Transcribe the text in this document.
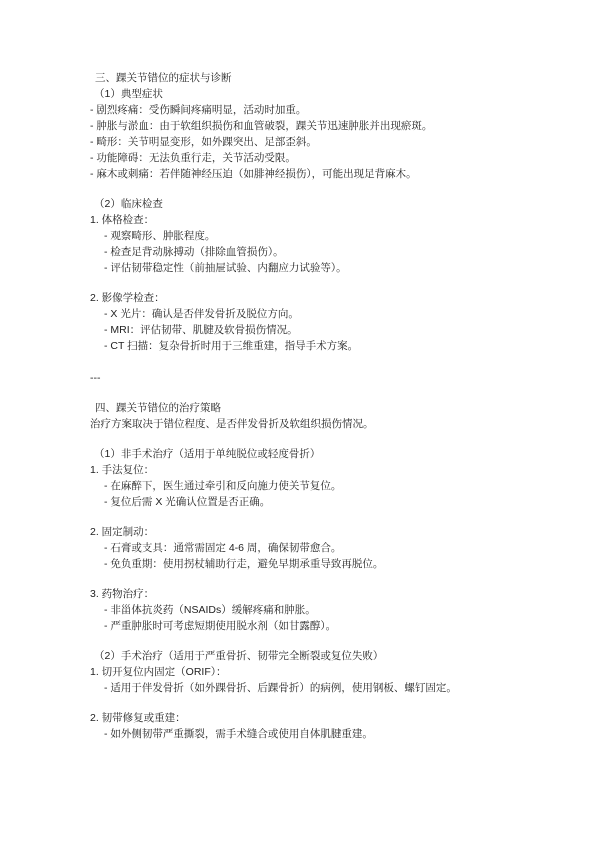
三、踝关节错位的症状与诊断
（1）典型症状
- 剧烈疼痛：受伤瞬间疼痛明显，活动时加重。
- 肿胀与淤血：由于软组织损伤和血管破裂，踝关节迅速肿胀并出现瘀斑。
- 畸形：关节明显变形，如外踝突出、足部歪斜。
- 功能障碍：无法负重行走，关节活动受限。
- 麻木或刺痛：若伴随神经压迫（如腓神经损伤），可能出现足背麻木。
（2）临床检查
1. 体格检查：
- 观察畸形、肿胀程度。
- 检查足背动脉搏动（排除血管损伤）。
- 评估韧带稳定性（前抽屉试验、内翻应力试验等）。
2. 影像学检查：
- X 光片：确认是否伴发骨折及脱位方向。
- MRI：评估韧带、肌腱及软骨损伤情况。
- CT 扫描：复杂骨折时用于三维重建，指导手术方案。
---
四、踝关节错位的治疗策略
治疗方案取决于错位程度、是否伴发骨折及软组织损伤情况。
（1）非手术治疗（适用于单纯脱位或轻度骨折）
1. 手法复位：
- 在麻醉下，医生通过牵引和反向施力使关节复位。
- 复位后需 X 光确认位置是否正确。
2. 固定制动：
- 石膏或支具：通常需固定 4-6 周，确保韧带愈合。
- 免负重期：使用拐杖辅助行走，避免早期承重导致再脱位。
3. 药物治疗：
- 非甾体抗炎药（NSAIDs）缓解疼痛和肿胀。
- 严重肿胀时可考虑短期使用脱水剂（如甘露醇）。
（2）手术治疗（适用于严重骨折、韧带完全断裂或复位失败）
1. 切开复位内固定（ORIF）：
- 适用于伴发骨折（如外踝骨折、后踝骨折）的病例，使用钢板、螺钉固定。
2. 韧带修复或重建：
- 如外侧韧带严重撕裂，需手术缝合或使用自体肌腱重建。
